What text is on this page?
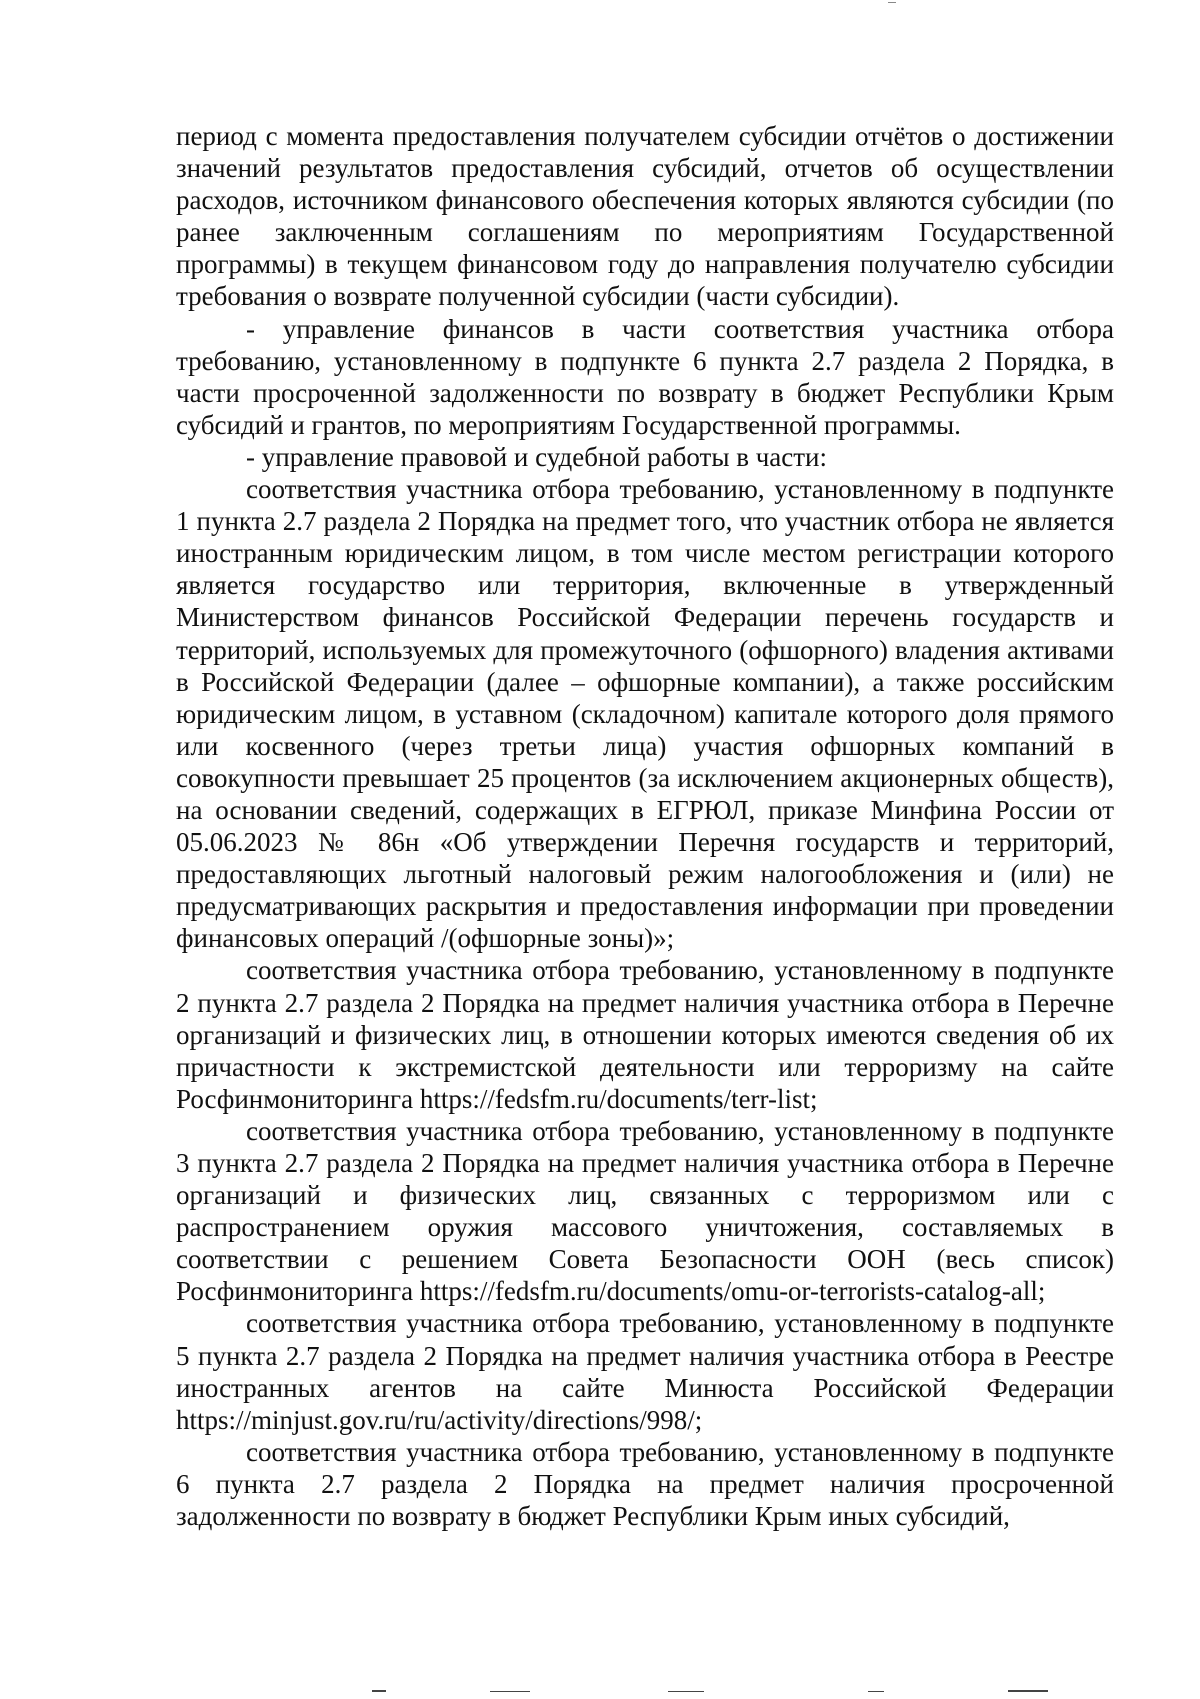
период с момента предоставления получателем субсидии отчётов о достижении значений результатов предоставления субсидий, отчетов об осуществлении расходов, источником финансового обеспечения которых являются субсидии (по ранее заключенным соглашениям по мероприятиям Государственной программы) в текущем финансовом году до направления получателю субсидии требования о возврате полученной субсидии (части субсидии).

- управление финансов в части соответствия участника отбора требованию, установленному в подпункте 6 пункта 2.7 раздела 2 Порядка, в части просроченной задолженности по возврату в бюджет Республики Крым субсидий и грантов, по мероприятиям Государственной программы.

- управление правовой и судебной работы в части:

соответствия участника отбора требованию, установленному в подпункте 1 пункта 2.7 раздела 2 Порядка на предмет того, что участник отбора не является иностранным юридическим лицом, в том числе местом регистрации которого является государство или территория, включенные в утвержденный Министерством финансов Российской Федерации перечень государств и территорий, используемых для промежуточного (офшорного) владения активами в Российской Федерации (далее – офшорные компании), а также российским юридическим лицом, в уставном (складочном) капитале которого доля прямого или косвенного (через третьи лица) участия офшорных компаний в совокупности превышает 25 процентов (за исключением акционерных обществ), на основании сведений, содержащих в ЕГРЮЛ, приказе Минфина России от 05.06.2023 № 86н «Об утверждении Перечня государств и территорий, предоставляющих льготный налоговый режим налогообложения и (или) не предусматривающих раскрытия и предоставления информации при проведении финансовых операций /(офшорные зоны)»;

соответствия участника отбора требованию, установленному в подпункте 2 пункта 2.7 раздела 2 Порядка на предмет наличия участника отбора в Перечне организаций и физических лиц, в отношении которых имеются сведения об их причастности к экстремистской деятельности или терроризму на сайте Росфинмониторинга https://fedsfm.ru/documents/terr-list;

соответствия участника отбора требованию, установленному в подпункте 3 пункта 2.7 раздела 2 Порядка на предмет наличия участника отбора в Перечне организаций и физических лиц, связанных с терроризмом или с распространением оружия массового уничтожения, составляемых в соответствии с решением Совета Безопасности ООН (весь список) Росфинмониторинга https://fedsfm.ru/documents/omu-or-terrorists-catalog-all;

соответствия участника отбора требованию, установленному в подпункте 5 пункта 2.7 раздела 2 Порядка на предмет наличия участника отбора в Реестре иностранных агентов на сайте Минюста Российской Федерации https://minjust.gov.ru/ru/activity/directions/998/;

соответствия участника отбора требованию, установленному в подпункте 6 пункта 2.7 раздела 2 Порядка на предмет наличия просроченной задолженности по возврату в бюджет Республики Крым иных субсидий,
